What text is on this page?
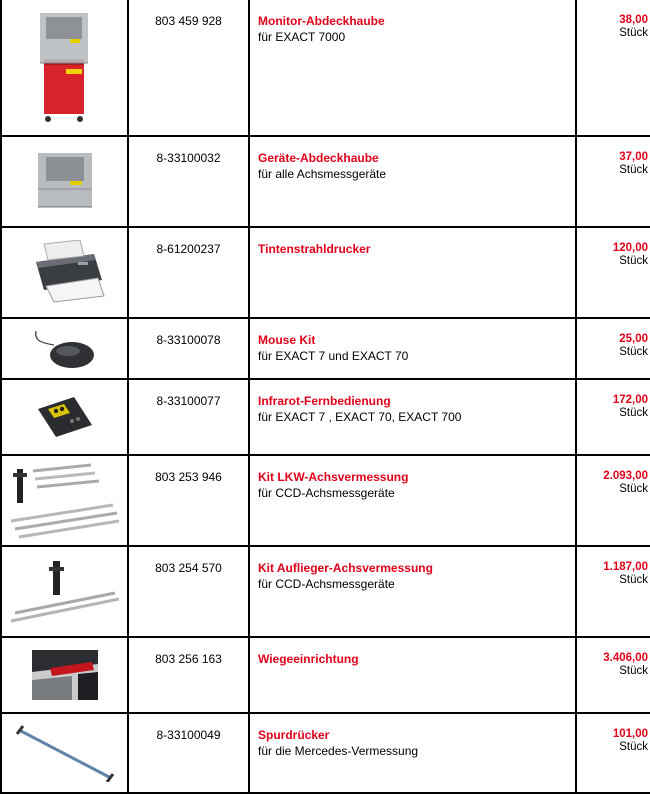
803 459 928	Monitor-Abdeckhaube
für EXACT 7000	38,00
Stück

8-33100032	Geräte-Abdeckhaube
für alle Achsmessgeräte	37,00
Stück

8-61200237	Tintenstrahldrucker	120,00
Stück

8-33100078	Mouse Kit
für EXACT 7 und EXACT 70	25,00
Stück

8-33100077	Infrarot-Fernbedienung
für EXACT 7 , EXACT 70, EXACT 700	172,00
Stück

803 253 946	Kit LKW-Achsvermessung
für CCD-Achsmessgeräte	2.093,00
Stück

803 254 570	Kit Auflieger-Achsvermessung
für CCD-Achsmessgeräte	1.187,00
Stück

803 256 163	Wiegeeinrichtung	3.406,00
Stück

8-33100049	Spurdrücker
für die Mercedes-Vermessung	101,00
Stück
